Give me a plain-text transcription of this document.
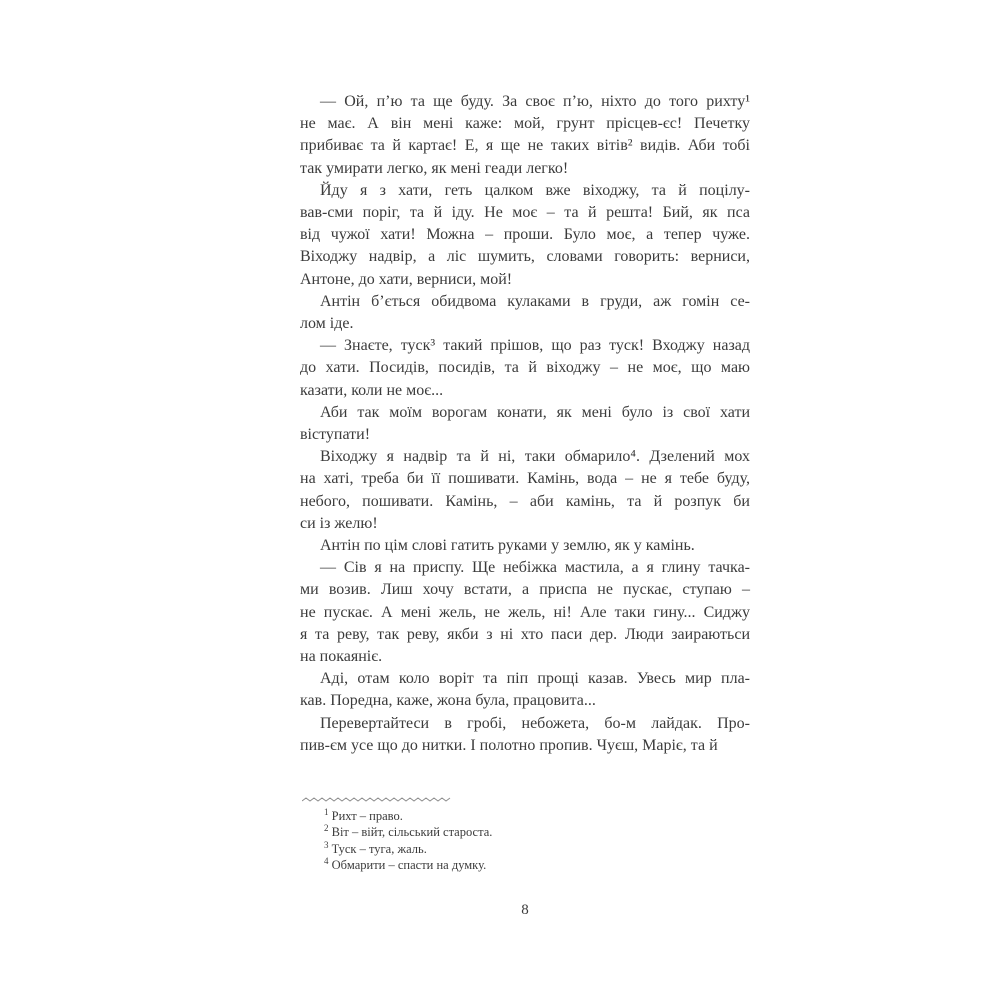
— Ой, п’ю та ще буду. За своє п’ю, ніхто до того рихту¹
не має. А він мені каже: мой, грунт прісцев-єс! Печетку
прибиває та й картає! Е, я ще не таких вітів² видів. Аби тобі
так умирати легко, як мені геади легко!
Йду я з хати, геть цалком вже віходжу, та й поцілу-
вав-сми поріг, та й іду. Не моє – та й решта! Бий, як пса
від чужої хати! Можна – проши. Було моє, а тепер чуже.
Віходжу надвір, а ліс шумить, словами говорить: верниси,
Антоне, до хати, верниси, мой!
Антін б’ється обидвома кулаками в груди, аж гомін се-
лом іде.
— Знаєте, туск³ такий прішов, що раз туск! Входжу назад
до хати. Посидів, посидів, та й віходжу – не моє, що маю
казати, коли не моє...
Аби так моїм ворогам конати, як мені було із свої хати
віступати!
Віходжу я надвір та й ні, таки обмарило⁴. Дзелений мох
на хаті, треба би її пошивати. Камінь, вода – не я тебе буду,
небого, пошивати. Камінь, – аби камінь, та й розпук би
си із желю!
Антін по цім слові гатить руками у землю, як у камінь.
— Сів я на приспу. Ще небіжка мастила, а я глину тачка-
ми возив. Лиш хочу встати, а приспа не пускає, ступаю –
не пускає. А мені жель, не жель, ні! Але таки гину... Сиджу
я та реву, так реву, якби з ні хто паси дер. Люди заираютьси
на покаяніє.
Аді, отам коло воріт та піп прощі казав. Увесь мир пла-
кав. Поредна, каже, жона була, працовита...
Перевертайтеси в гробі, небожета, бо-м лайдак. Про-
пив-єм усе що до нитки. І полотно пропив. Чуєш, Маріє, та й
$^1$ Рихт – право.
$^2$ Віт – війт, сільський староста.
$^3$ Туск – туга, жаль.
$^4$ Обмарити – спасти на думку.
8
